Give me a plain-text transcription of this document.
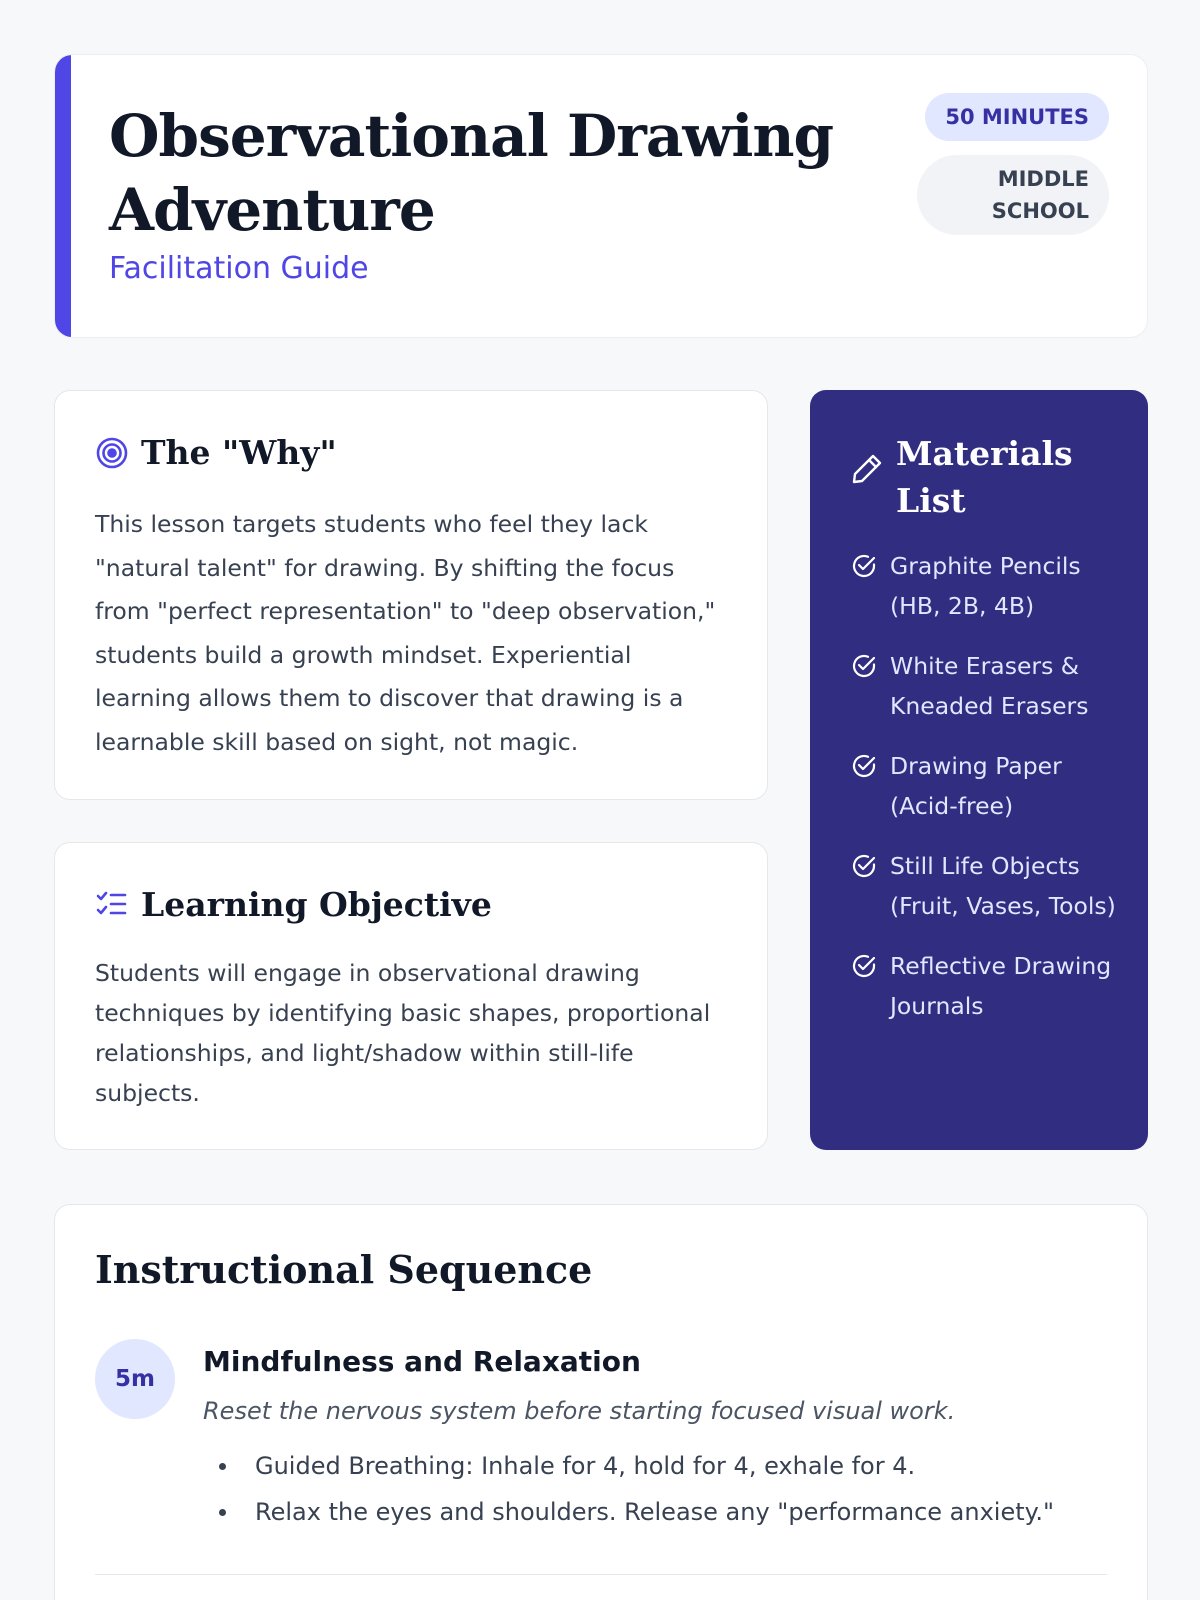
Observational Drawing Adventure
Facilitation Guide
50 MINUTES
MIDDLE SCHOOL
The "Why"

This lesson targets students who feel they lack "natural talent" for drawing. By shifting the focus from "perfect representation" to "deep observation," students build a growth mindset. Experiential learning allows them to discover that drawing is a learnable skill based on sight, not magic.

Learning Objective

Students will engage in observational drawing techniques by identifying basic shapes, proportional relationships, and light/shadow within still-life subjects.

Materials List
Graphite Pencils (HB, 2B, 4B)
White Erasers & Kneaded Erasers
Drawing Paper (Acid-free)
Still Life Objects (Fruit, Vases, Tools)
Reflective Drawing Journals
Instructional Sequence
5m
Mindfulness and Relaxation

Reset the nervous system before starting focused visual work.

Guided Breathing: Inhale for 4, hold for 4, exhale for 4.
Relax the eyes and shoulders. Release any "performance anxiety."
